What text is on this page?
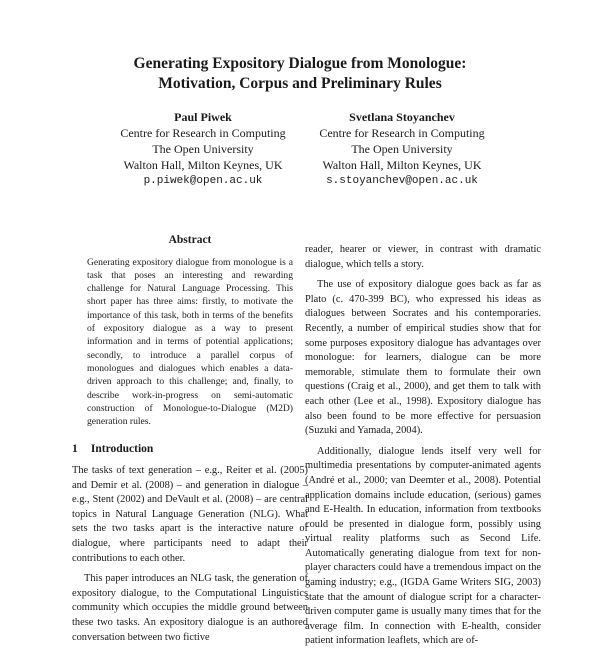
Generating Expository Dialogue from Monologue:
Motivation, Corpus and Preliminary Rules
Paul Piwek
Centre for Research in Computing
The Open University
Walton Hall, Milton Keynes, UK
p.piwek@open.ac.uk
Svetlana Stoyanchev
Centre for Research in Computing
The Open University
Walton Hall, Milton Keynes, UK
s.stoyanchev@open.ac.uk
Abstract

Generating expository dialogue from monologue is a task that poses an interesting and rewarding challenge for Natural Language Processing. This short paper has three aims: firstly, to motivate the importance of this task, both in terms of the benefits of expository dialogue as a way to present information and in terms of potential applications; secondly, to introduce a parallel corpus of monologues and dialogues which enables a data-driven approach to this challenge; and, finally, to describe work-in-progress on semi-automatic construction of Monologue-to-Dialogue (M2D) generation rules.

1 Introduction

The tasks of text generation – e.g., Reiter et al. (2005) and Demir et al. (2008) – and generation in dialogue – e.g., Stent (2002) and DeVault et al. (2008) – are central topics in Natural Language Generation (NLG). What sets the two tasks apart is the interactive nature of dialogue, where participants need to adapt their contributions to each other.

This paper introduces an NLG task, the generation of expository dialogue, to the Computational Linguistics community which occupies the middle ground between these two tasks. An expository dialogue is an authored conversation between two fictive

reader, hearer or viewer, in contrast with dramatic dialogue, which tells a story.

The use of expository dialogue goes back as far as Plato (c. 470-399 BC), who expressed his ideas as dialogues between Socrates and his contemporaries. Recently, a number of empirical studies show that for some purposes expository dialogue has advantages over monologue: for learners, dialogue can be more memorable, stimulate them to formulate their own questions (Craig et al., 2000), and get them to talk with each other (Lee et al., 1998). Expository dialogue has also been found to be more effective for persuasion (Suzuki and Yamada, 2004).

Additionally, dialogue lends itself very well for multimedia presentations by computer-animated agents (André et al., 2000; van Deemter et al., 2008). Potential application domains include education, (serious) games and E-Health. In education, information from textbooks could be presented in dialogue form, possibly using virtual reality platforms such as Second Life. Automatically generating dialogue from text for non-player characters could have a tremendous impact on the gaming industry; e.g., (IGDA Game Writers SIG, 2003) state that the amount of dialogue script for a character-driven computer game is usually many times that for the average film. In connection with E-health, consider patient information leaflets, which are of-
